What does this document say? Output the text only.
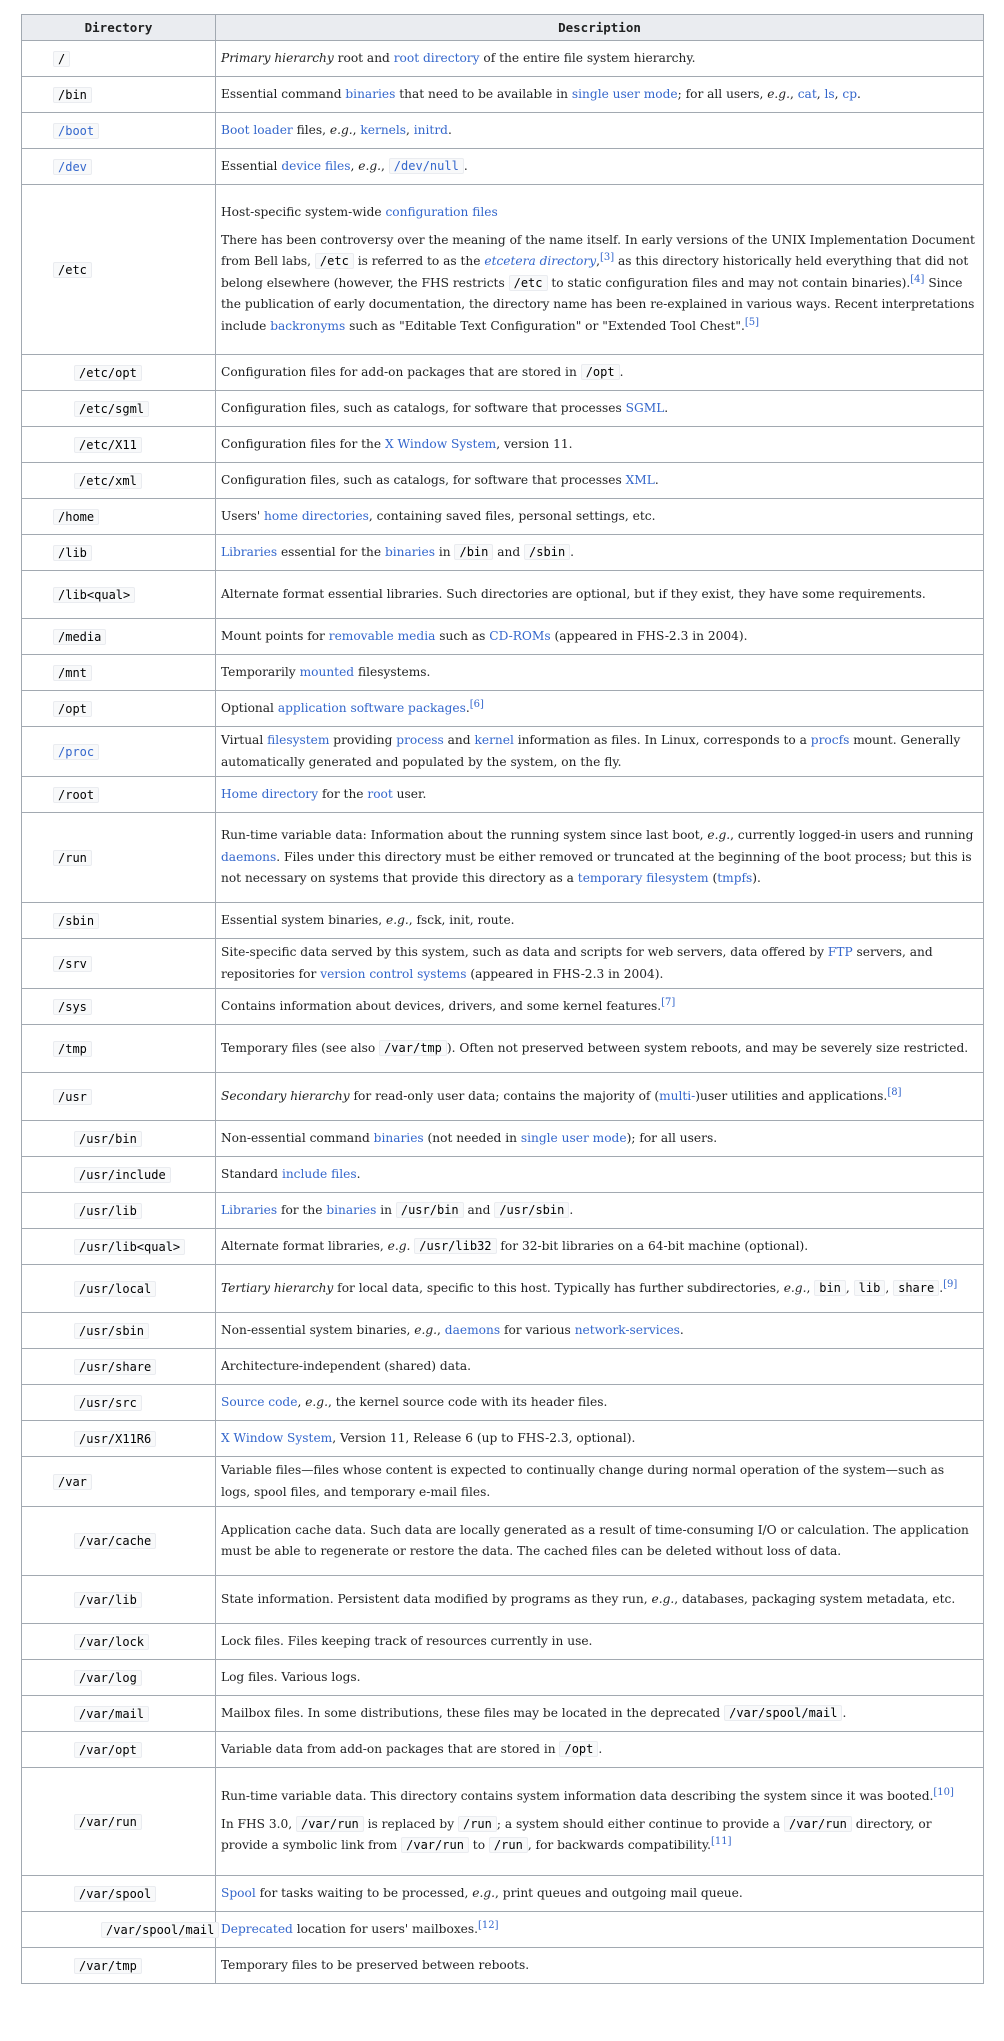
Directory	Description
/	Primary hierarchy root and root directory of the entire file system hierarchy.

/bin	Essential command binaries that need to be available in single user mode; for all users, e.g., cat, ls, cp.

/boot	Boot loader files, e.g., kernels, initrd.

/dev	Essential device files, e.g., /dev/null .

/etc	Host-specific system-wide configuration files

There has been controversy over the meaning of the name itself. In early versions of the UNIX Implementation Document from Bell labs, /etc is referred to as the etcetera directory,[3] as this directory historically held everything that did not belong elsewhere (however, the FHS restricts /etc to static configuration files and may not contain binaries).[4] Since the publication of early documentation, the directory name has been re-explained in various ways. Recent interpretations include backronyms such as "Editable Text Configuration" or "Extended Tool Chest".[5]

/etc/opt	Configuration files for add-on packages that are stored in /opt .

/etc/sgml	Configuration files, such as catalogs, for software that processes SGML.

/etc/X11	Configuration files for the X Window System, version 11.

/etc/xml	Configuration files, such as catalogs, for software that processes XML.

/home	Users' home directories, containing saved files, personal settings, etc.

/lib	Libraries essential for the binaries in /bin and /sbin .

/lib<qual>	Alternate format essential libraries. Such directories are optional, but if they exist, they have some requirements.

/media	Mount points for removable media such as CD-ROMs (appeared in FHS-2.3 in 2004).

/mnt	Temporarily mounted filesystems.

/opt	Optional application software packages.[6]

/proc	Virtual filesystem providing process and kernel information as files. In Linux, corresponds to a procfs mount. Generally automatically generated and populated by the system, on the fly.

/root	Home directory for the root user.

/run	Run-time variable data: Information about the running system since last boot, e.g., currently logged-in users and running daemons. Files under this directory must be either removed or truncated at the beginning of the boot process; but this is not necessary on systems that provide this directory as a temporary filesystem (tmpfs).

/sbin	Essential system binaries, e.g., fsck, init, route.

/srv	Site-specific data served by this system, such as data and scripts for web servers, data offered by FTP servers, and repositories for version control systems (appeared in FHS-2.3 in 2004).

/sys	Contains information about devices, drivers, and some kernel features.[7]

/tmp	Temporary files (see also /var/tmp ). Often not preserved between system reboots, and may be severely size restricted.

/usr	Secondary hierarchy for read-only user data; contains the majority of (multi-)user utilities and applications.[8]

/usr/bin	Non-essential command binaries (not needed in single user mode); for all users.

/usr/include	Standard include files.

/usr/lib	Libraries for the binaries in /usr/bin and /usr/sbin .

/usr/lib<qual>	Alternate format libraries, e.g. /usr/lib32 for 32-bit libraries on a 64-bit machine (optional).

/usr/local	Tertiary hierarchy for local data, specific to this host. Typically has further subdirectories, e.g., bin , lib , share .[9]

/usr/sbin	Non-essential system binaries, e.g., daemons for various network-services.

/usr/share	Architecture-independent (shared) data.

/usr/src	Source code, e.g., the kernel source code with its header files.

/usr/X11R6	X Window System, Version 11, Release 6 (up to FHS-2.3, optional).

/var	Variable files—files whose content is expected to continually change during normal operation of the system—such as logs, spool files, and temporary e-mail files.

/var/cache	Application cache data. Such data are locally generated as a result of time-consuming I/O or calculation. The application must be able to regenerate or restore the data. The cached files can be deleted without loss of data.

/var/lib	State information. Persistent data modified by programs as they run, e.g., databases, packaging system metadata, etc.

/var/lock	Lock files. Files keeping track of resources currently in use.

/var/log	Log files. Various logs.

/var/mail	Mailbox files. In some distributions, these files may be located in the deprecated /var/spool/mail .

/var/opt	Variable data from add-on packages that are stored in /opt .

/var/run	Run-time variable data. This directory contains system information data describing the system since it was booted.[10]

In FHS 3.0, /var/run is replaced by /run ; a system should either continue to provide a /var/run directory, or provide a symbolic link from /var/run to /run , for backwards compatibility.[11]

/var/spool	Spool for tasks waiting to be processed, e.g., print queues and outgoing mail queue.

/var/spool/mail	Deprecated location for users' mailboxes.[12]

/var/tmp	Temporary files to be preserved between reboots.
